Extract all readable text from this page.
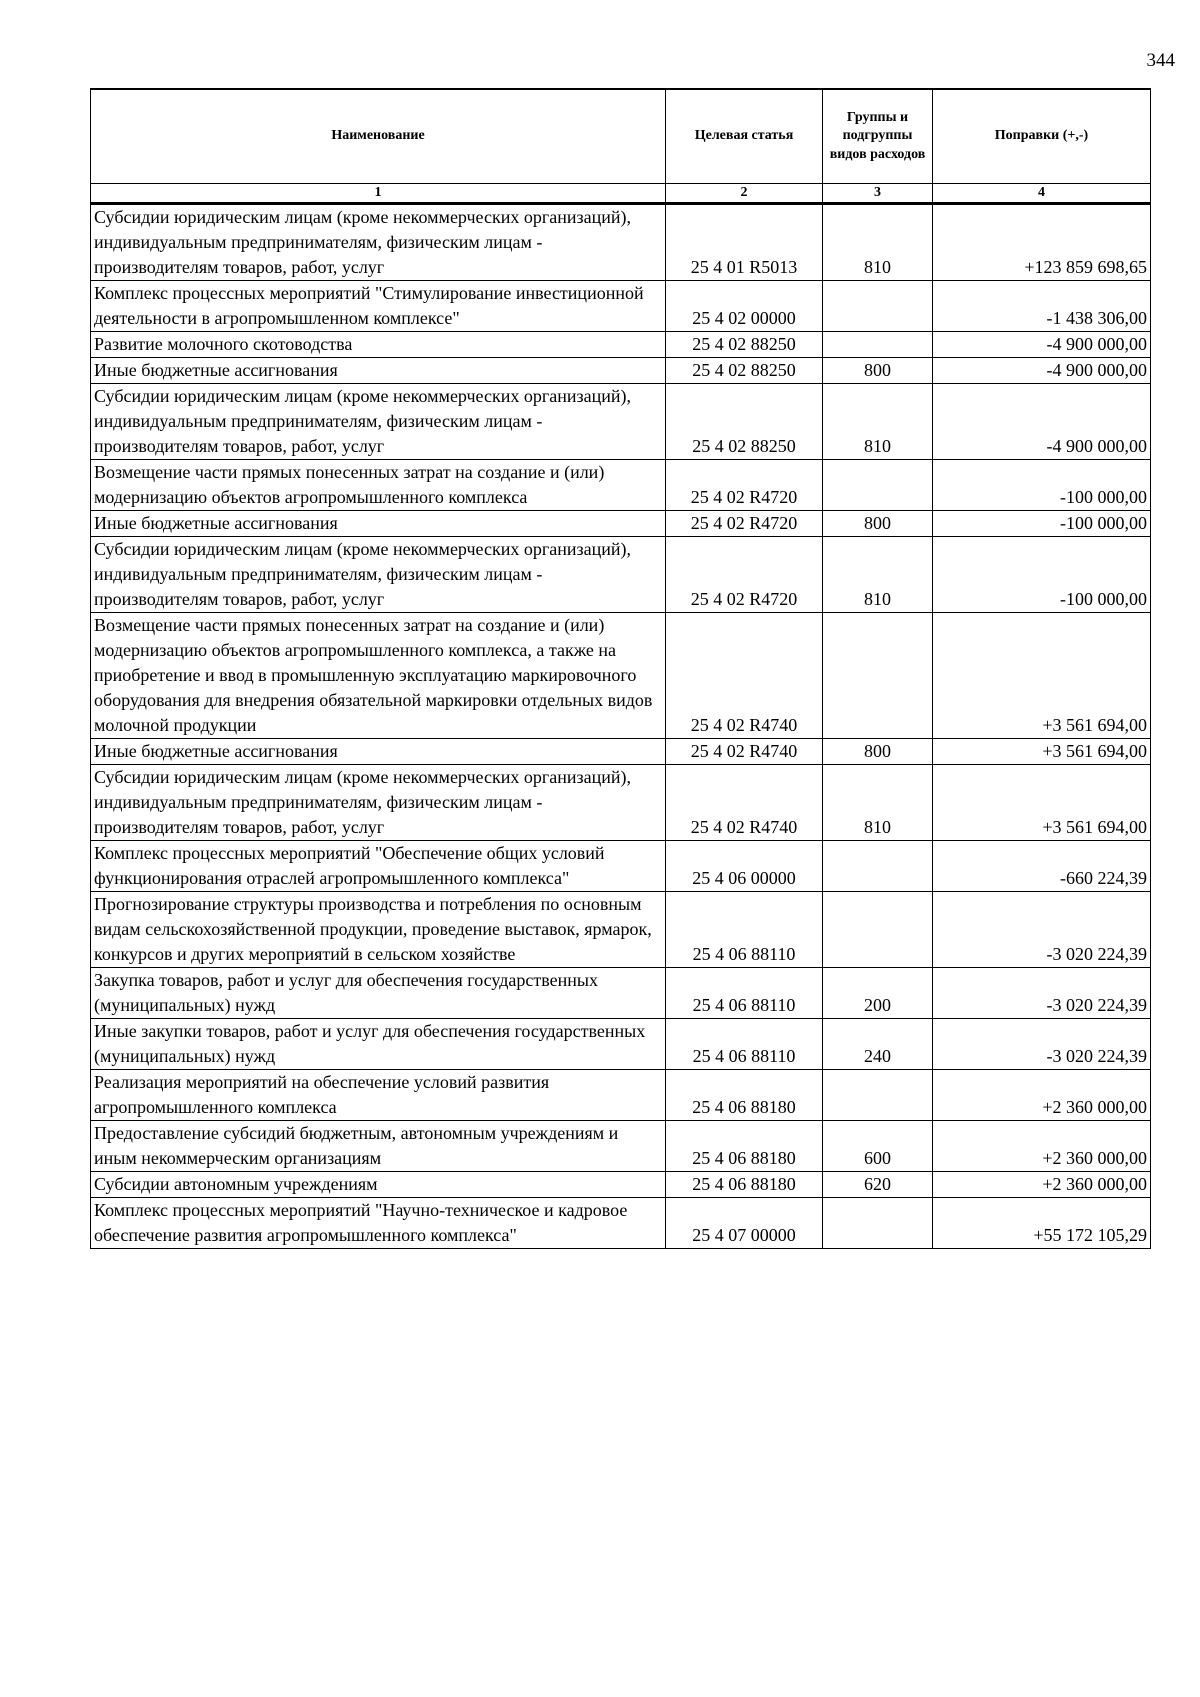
344
Наименование	Целевая статья	Группы и подгруппы видов расходов	Поправки (+,-)
1	2	3	4
Субсидии юридическим лицам (кроме некоммерческих организаций), индивидуальным предпринимателям, физическим лицам - производителям товаров, работ, услуг	25 4 01 R5013	810	+123 859 698,65
Комплекс процессных мероприятий "Стимулирование инвестиционной деятельности в агропромышленном комплексе"	25 4 02 00000		-1 438 306,00
Развитие молочного скотоводства	25 4 02 88250		-4 900 000,00
Иные бюджетные ассигнования	25 4 02 88250	800	-4 900 000,00
Субсидии юридическим лицам (кроме некоммерческих организаций), индивидуальным предпринимателям, физическим лицам - производителям товаров, работ, услуг	25 4 02 88250	810	-4 900 000,00
Возмещение части прямых понесенных затрат на создание и (или) модернизацию объектов агропромышленного комплекса	25 4 02 R4720		-100 000,00
Иные бюджетные ассигнования	25 4 02 R4720	800	-100 000,00
Субсидии юридическим лицам (кроме некоммерческих организаций), индивидуальным предпринимателям, физическим лицам - производителям товаров, работ, услуг	25 4 02 R4720	810	-100 000,00
Возмещение части прямых понесенных затрат на создание и (или) модернизацию объектов агропромышленного комплекса, а также на приобретение и ввод в промышленную эксплуатацию маркировочного оборудования для внедрения обязательной маркировки отдельных видов молочной продукции	25 4 02 R4740		+3 561 694,00
Иные бюджетные ассигнования	25 4 02 R4740	800	+3 561 694,00
Субсидии юридическим лицам (кроме некоммерческих организаций), индивидуальным предпринимателям, физическим лицам - производителям товаров, работ, услуг	25 4 02 R4740	810	+3 561 694,00
Комплекс процессных мероприятий "Обеспечение общих условий функционирования отраслей агропромышленного комплекса"	25 4 06 00000		-660 224,39
Прогнозирование структуры производства и потребления по основным видам сельскохозяйственной продукции, проведение выставок, ярмарок, конкурсов и других мероприятий в сельском хозяйстве	25 4 06 88110		-3 020 224,39
Закупка товаров, работ и услуг для обеспечения государственных (муниципальных) нужд	25 4 06 88110	200	-3 020 224,39
Иные закупки товаров, работ и услуг для обеспечения государственных (муниципальных) нужд	25 4 06 88110	240	-3 020 224,39
Реализация мероприятий на обеспечение условий развития агропромышленного комплекса	25 4 06 88180		+2 360 000,00
Предоставление субсидий бюджетным, автономным учреждениям и иным некоммерческим организациям	25 4 06 88180	600	+2 360 000,00
Субсидии автономным учреждениям	25 4 06 88180	620	+2 360 000,00
Комплекс процессных мероприятий "Научно-техническое и кадровое обеспечение развития агропромышленного комплекса"	25 4 07 00000		+55 172 105,29
